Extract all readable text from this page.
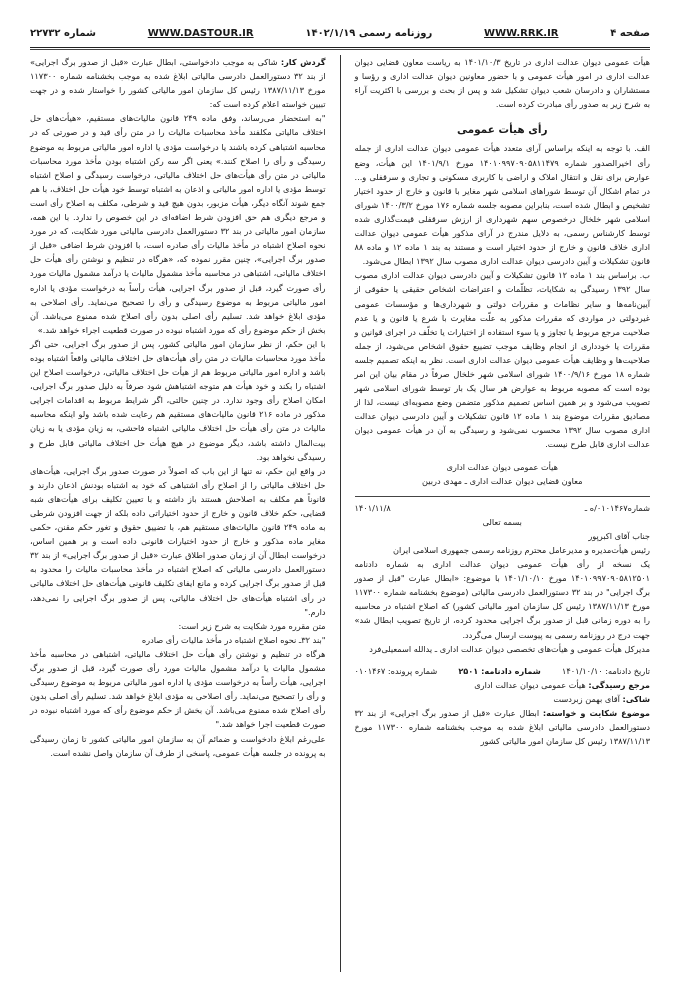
صفحه ۴
WWW.RRK.IR
روزنامه رسمی ۱۴۰۲/۱/۱۹
WWW.DASTOUR.IR
شماره ۲۲۷۳۲

هیأت عمومی دیوان عدالت اداری در تاریخ ۱۴۰۱/۱۰/۳ به ریاست معاون قضایی دیوان عدالت اداری در امور هیأت عمومی و با حضور معاونین دیوان عدالت اداری و رؤسا و مستشاران و دادرسان شعب دیوان تشکیل شد و پس از بحث و بررسی با اکثریت آراء به شرح زیر به صدور رأی مبادرت کرده است.

رأی هیأت عمومی

الف. با توجه به اینکه براساس آرای متعدد هیأت عمومی دیوان عدالت اداری از جمله رأی اخیرالصدور شماره ۱۴۰۱۰۹۹۷۰۹۰۵۸۱۱۴۷۹ مورخ ۱۴۰۱/۹/۱ این هیأت، وضع عوارض برای نقل و انتقال املاک و اراضی با کاربری مسکونی و تجاری و سرقفلی و... در تمام اشکال آن توسط شوراهای اسلامی شهر مغایر با قانون و خارج از حدود اختیار تشخیص و ابطال شده است، بنابراین مصوبه جلسه شماره ۱۷۶ مورخ ۱۴۰۰/۳/۲ شورای اسلامی شهر خلخال درخصوص سهم شهرداری از ارزش سرقفلی قیمت‌گذاری شده توسط کارشناس رسمی، به دلایل مندرج در آرای مذکور هیأت عمومی دیوان عدالت اداری خلاف قانون و خارج از حدود اختیار است و مستند به بند ۱ ماده ۱۲ و ماده ۸۸ قانون تشکیلات و آیین دادرسی دیوان عدالت اداری مصوب سال ۱۳۹۲ ابطال می‌شود.

ب. براساس بند ۱ ماده ۱۲ قانون تشکیلات و آیین دادرسی دیوان عدالت اداری مصوب سال ۱۳۹۲ رسیدگی به شکایات، تظلّمات و اعتراضات اشخاص حقیقی یا حقوقی از آیین‌نامه‌ها و سایر نظامات و مقررات دولتی و شهرداری‌ها و مؤسسات عمومی غیردولتی در مواردی که مقررات مذکور به علّت مغایرت با شرع یا قانون و یا عدم صلاحیت مرجع مربوط یا تجاوز و یا سوء استفاده از اختیارات یا تخلّف در اجرای قوانین و مقررات یا خودداری از انجام وظایف موجب تضییع حقوق اشخاص می‌شود، از جمله صلاحیت‌ها و وظایف هیأت عمومی دیوان عدالت اداری است. نظر به اینکه تصمیم جلسه شماره ۱۸ مورخ ۱۴۰۰/۹/۱۶ شورای اسلامی شهر خلخال صرفاً در مقام بیان این امر بوده است که مصوبه مربوط به عوارض هر سال یک بار توسط شورای اسلامی شهر تصویب می‌شود و بر همین اساس تصمیم مذکور متضمن وضع مصوبه‌ای نیست، لذا از مصادیق مقررات موضوع بند ۱ ماده ۱۲ قانون تشکیلات و آیین دادرسی دیوان عدالت اداری مصوب سال ۱۳۹۲ محسوب نمی‌شود و رسیدگی به آن در هیأت عمومی دیوان عدالت اداری قابل طرح نیست.

هیأت عمومی دیوان عدالت اداری

معاون قضایی دیوان عدالت اداری ـ مهدی دربین

شماره۰۱۰۱۴۶۷/ه ـ
۱۴۰۱/۱۱/۸

بسمه تعالی

جناب آقای اکبرپور

رئیس هیأت‌مدیره و مدیرعامل محترم روزنامه رسمی جمهوری اسلامی ایران

یک نسخه از رأی هیأت عمومی دیوان عدالت اداری به شماره دادنامه ۱۴۰۱۰۹۹۷۰۹۰۵۸۱۲۵۰۱ مورخ ۱۴۰۱/۱۰/۱۰ با موضوع: «ابطال عبارت "قبل از صدور برگ اجرایی" در بند ۳۲ دستورالعمل دادرسی مالیاتی (موضوع بخشنامه شماره ۱۱۷۳۰۰ مورخ ۱۳۸۷/۱۱/۱۳ رئیس کل سازمان امور مالیاتی کشور) که اصلاح اشتباه در محاسبه را به دوره زمانی قبل از صدور برگ اجرایی محدود کرده، از تاریخ تصویب ابطال شد» جهت درج در روزنامه رسمی به پیوست ارسال می‌گردد.

مدیرکل هیأت عمومی و هیأت‌های تخصصی دیوان عدالت اداری ـ یدالله اسمعیلی‌فرد

تاریخ دادنامه: ۱۴۰۱/۱۰/۱۰
شماره دادنامه: ۲۵۰۱
شماره پرونده: ۰۱۰۱۴۶۷

مرجع رسیدگی: هیأت عمومی دیوان عدالت اداری

شاکی: آقای بهمن زبردست

موضوع شکایت و خواسته: ابطال عبارت «قبل از صدور برگ اجرایی» از بند ۳۲ دستورالعمل دادرسی مالیاتی ابلاغ شده به موجب بخشنامه شماره ۱۱۷۳۰۰ مورخ ۱۳۸۷/۱۱/۱۳ رئیس کل سازمان امور مالیاتی کشور

گردش کار: شاکی به موجب دادخواستی، ابطال عبارت «قبل از صدور برگ اجرایی» از بند ۳۲ دستورالعمل دادرسی مالیاتی ابلاغ شده به موجب بخشنامه شماره ۱۱۷۳۰۰ مورخ ۱۳۸۷/۱۱/۱۳ رئیس کل سازمان امور مالیاتی کشور را خواستار شده و در جهت تبیین خواسته اعلام کرده است که:

"به استحضار می‌رساند، وفق ماده ۲۴۹ قانون مالیات‌های مستقیم، «هیأت‌های حل اختلاف مالیاتی مکلفند مأخذ محاسبات مالیات را در متن رأی قید و در صورتی که در محاسبه اشتباهی کرده باشند یا درخواست مؤدی یا اداره امور مالیاتی مربوط به موضوع رسیدگی و رأی را اصلاح کنند.» یعنی اگر سه رکن اشتباه بودن مأخذ مورد محاسبات مالیاتی در متن رأی هیأت‌های حل اختلاف مالیاتی، درخواست رسیدگی و اصلاح اشتباه توسط مؤدی یا اداره امور مالیاتی و اذعان به اشتباه توسط خود هیأت حل اختلاف، با هم جمع شوند آنگاه دیگر، هیأت مزبور، بدون هیچ قید و شرطی، مکلف به اصلاح رأی است و مرجع دیگری هم حق افزودن شرط اضافه‌ای در این خصوص را ندارد. با این همه، سازمان امور مالیاتی در بند ۳۲ دستورالعمل دادرسی مالیاتی مورد شکایت، که در مورد نحوه اصلاح اشتباه در مأخذ مالیات رأی صادره است، با افزودن شرط اضافی «قبل از صدور برگ اجرایی»، چنین مقرر نموده که، «هرگاه در تنظیم و نوشتن رأی هیأت حل اختلاف مالیاتی، اشتباهی در محاسبه مأخذ مشمول مالیات یا درآمد مشمول مالیات مورد رأی صورت گیرد، قبل از صدور برگ اجرایی، هیأت رأساً به درخواست مؤدی یا اداره امور مالیاتی مربوط به موضوع رسیدگی و رأی را تصحیح می‌نماید. رأی اصلاحی به مؤدی ابلاغ خواهد شد. تسلیم رأی اصلی بدون رأی اصلاح شده ممنوع می‌باشد. آن بخش از حکم موضوع رأی که مورد اشتباه نبوده در صورت قطعیت اجراء خواهد شد.»

با این حکم، از نظر سازمان امور مالیاتی کشور، پس از صدور برگ اجرایی، حتی اگر مأخذ مورد محاسبات مالیات در متن رأی هیأت‌های حل اختلاف مالیاتی واقعاً اشتباه بوده باشد و اداره امور مالیاتی مربوط هم از هیأت حل اختلاف مالیاتی، درخواست اصلاح این اشتباه را بکند و خود هیأت هم متوجه اشتباهش شود صرفاً به دلیل صدور برگ اجرایی، امکان اصلاح رأی وجود ندارد. در چنین حالتی، اگر شرایط مربوط به اقدامات اجرایی مذکور در ماده ۲۱۶ قانون مالیات‌های مستقیم هم رعایت شده باشد ولو اینکه محاسبه مالیات در متن رأی هیأت حل اختلاف مالیاتی اشتباه فاحشی، به زیان مؤدی یا به زیان بیت‌المال داشته باشد، دیگر موضوع در هیچ هیأت حل اختلاف مالیاتی قابل طرح و رسیدگی نخواهد بود.

در واقع این حکم، نه تنها از این باب که اصولاً در صورت صدور برگ اجرایی، هیأت‌های حل اختلاف مالیاتی را از اصلاح رأی اشتباهی که خود به اشتباه بودنش اذعان دارند و قانوناً هم مکلف به اصلاحش هستند باز داشته و با تعیین تکلیف برای هیأت‌های شبه قضایی، حکم خلاف قانون و خارج از حدود اختیاراتی داده بلکه از جهت افزودن شرطی به ماده ۲۴۹ قانون مالیات‌های مستقیم هم، با تضییق حقوق و تغور حکم مقنن، حکمی مغایر ماده مذکور و خارج از حدود اختیارات قانونی داده است و بر همین اساس، درخواست ابطال آن از زمان صدور اطلاق عبارت «قبل از صدور برگ اجرایی» از بند ۳۲ دستورالعمل دادرسی مالیاتی که اصلاح اشتباه در مأخذ محاسبات مالیات را محدود به قبل از صدور برگ اجرایی کرده و مانع ایفای تکلیف قانونی هیأت‌های حل اختلاف مالیاتی در رأی اشتباه هیأت‌های حل اختلاف مالیاتی، پس از صدور برگ اجرایی را نمی‌دهد، دارم."

متن مقرره مورد شکایت به شرح زیر است:

"بند ۳۲ـ نحوه اصلاح اشتباه در مأخذ مالیات رأی صادره

هرگاه در تنظیم و نوشتن رأی هیأت حل اختلاف مالیاتی، اشتباهی در محاسبه مأخذ مشمول مالیات یا درآمد مشمول مالیات مورد رأی صورت گیرد، قبل از صدور برگ اجرایی، هیأت رأساً به درخواست مؤدی یا اداره امور مالیاتی مربوط به موضوع رسیدگی و رأی را تصحیح می‌نماید. رأی اصلاحی به مؤدی ابلاغ خواهد شد. تسلیم رأی اصلی بدون رأی اصلاح شده ممنوع می‌باشد. آن بخش از حکم موضوع رأی که مورد اشتباه نبوده در صورت قطعیت اجرا خواهد شد."

علی‌رغم ابلاغ دادخواست و ضمائم آن به سازمان امور مالیاتی کشور تا زمان رسیدگی به پرونده در جلسه هیأت عمومی، پاسخی از طرف آن سازمان واصل نشده است.
